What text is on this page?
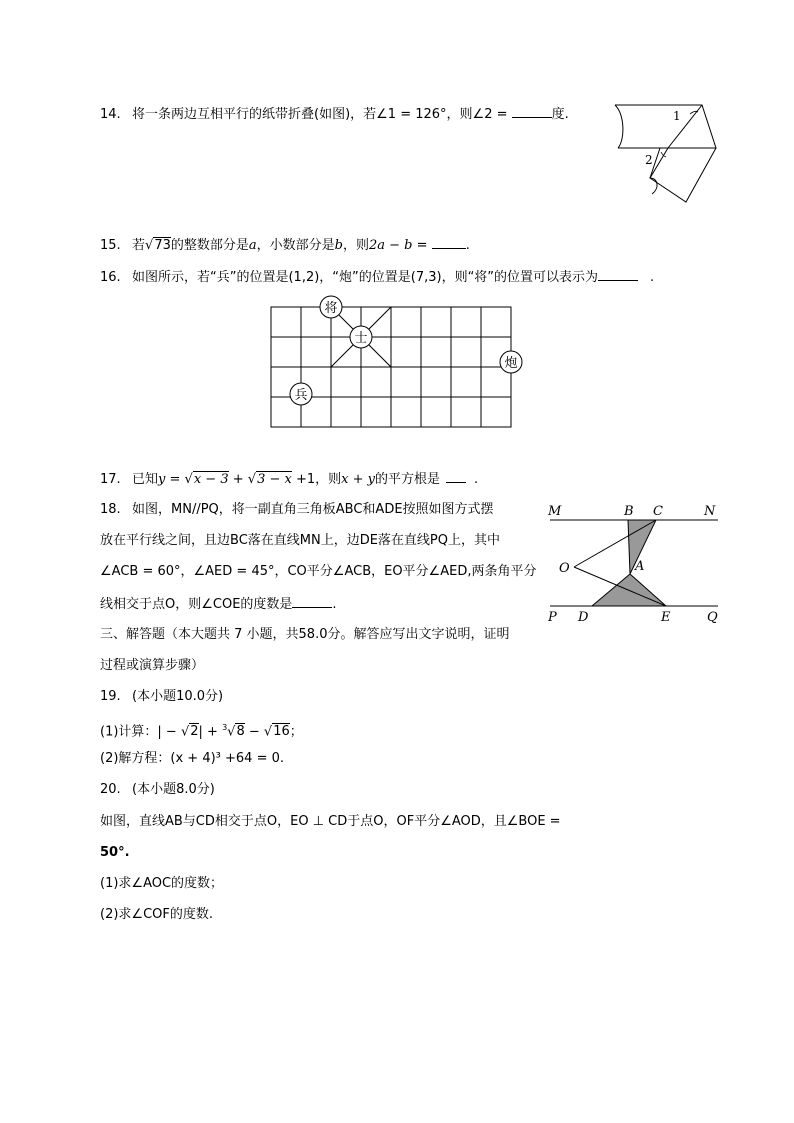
14. 将一条两边互相平行的纸带折叠(如图)，若∠1 = 126°，则∠2 =	度.	1
2
15. 若√73的整数部分是a，小数部分是b，则2a − b =	.
16. 如图所示，若“兵”的位置是(1,2)，“炮”的位置是(7,3)，则“将”的位置可以表示为	.
将
士
炮
兵
17. 已知y = √x − 3 + √3 − x +1，则x + y的平方根是	.
18. 如图，MN//PQ，将一副直角三角板ABC和ADE按照如图方式摆
放在平行线之间，且边BC落在直线MN上，边DE落在直线PQ上，其中
∠ACB = 60°，∠AED = 45°，CO平分∠ACB，EO平分∠AED,两条角平分
线相交于点O，则∠COE的度数是	.
M	B C	N
O	A
P D	E	Q
三、解答题（本大题共 7 小题，共58.0分。解答应写出文字说明，证明
过程或演算步骤）
19. (本小题10.0分)
(1)计算：| − √2| + $^3$√8 − √16；
(2)解方程：(x + 4)³ +64 = 0.
20. (本小题8.0分)
如图，直线AB与CD相交于点O，EO ⊥ CD于点O，OF平分∠AOD，且∠BOE =
50°.
(1)求∠AOC的度数；
(2)求∠COF的度数.
